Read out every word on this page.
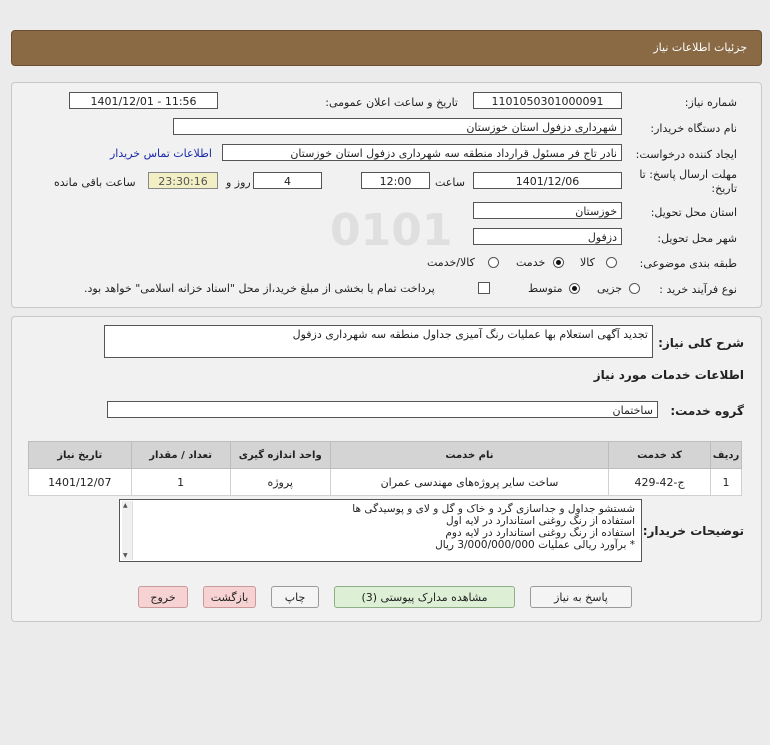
جزئیات اطلاعات نیاز
0101
شماره نیاز:
1101050301000091
تاریخ و ساعت اعلان عمومی:
1401/12/01 - 11:56
نام دستگاه خریدار:
شهرداری دزفول استان خوزستان
ایجاد کننده درخواست:
نادر تاج فر مسئول قرارداد منطقه سه شهرداری دزفول استان خوزستان
اطلاعات تماس خریدار
مهلت ارسال پاسخ: تا
تاریخ:
1401/12/06
ساعت
12:00
4
روز و
23:30:16
ساعت باقی مانده
استان محل تحویل:
خوزستان
شهر محل تحویل:
دزفول
طبقه بندی موضوعی:
کالا
خدمت
کالا/خدمت
نوع فرآیند خرید :
جزیی
متوسط
پرداخت تمام یا بخشی از مبلغ خرید،از محل "اسناد خزانه اسلامی" خواهد بود.
شرح کلی نیاز:
تجدید آگهی استعلام بها عملیات رنگ آمیزی جداول منطقه سه شهرداری دزفول
اطلاعات خدمات مورد نیاز
گروه خدمت:
ساختمان
ردیف	کد خدمت	نام خدمت	واحد اندازه گیری	تعداد / مقدار	تاریخ نیاز
1	ج-42-429	ساخت سایر پروژه‌های مهندسی عمران	پروژه	1	1401/12/07
توضیحات خریدار:
شستشو جداول و جداسازی گرد و خاک و گل و لای و پوسیدگی ها
استفاده از رنگ روغنی استاندارد در لایه اول
استفاده از رنگ روغنی استاندارد در لایه دوم
* برآورد ریالی عملیات 3/000/000/000 ریال
▲
▼
پاسخ به نیاز
مشاهده مدارک پیوستی (3)
چاپ
بازگشت
خروج
